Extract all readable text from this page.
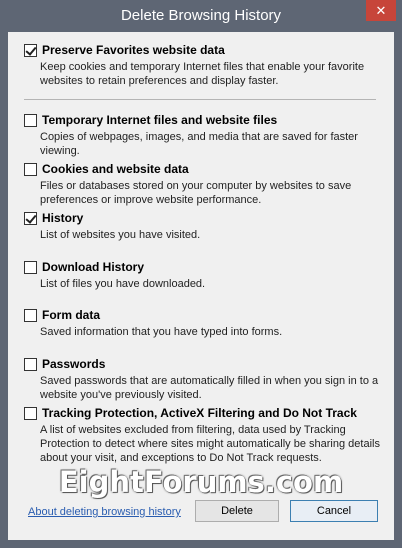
Delete Browsing History	✕
Preserve Favorites website data
Keep cookies and temporary Internet files that enable your favorite websites to retain preferences and display faster.
Temporary Internet files and website files
Copies of webpages, images, and media that are saved for faster viewing.
Cookies and website data
Files or databases stored on your computer by websites to save preferences or improve website performance.
History
List of websites you have visited.
Download History
List of files you have downloaded.
Form data
Saved information that you have typed into forms.
Passwords
Saved passwords that are automatically filled in when you sign in to a website you've previously visited.
Tracking Protection, ActiveX Filtering and Do Not Track
A list of websites excluded from filtering, data used by Tracking Protection to detect where sites might automatically be sharing details about your visit, and exceptions to Do Not Track requests.
EightForums.com
About deleting browsing history	Delete	Cancel
